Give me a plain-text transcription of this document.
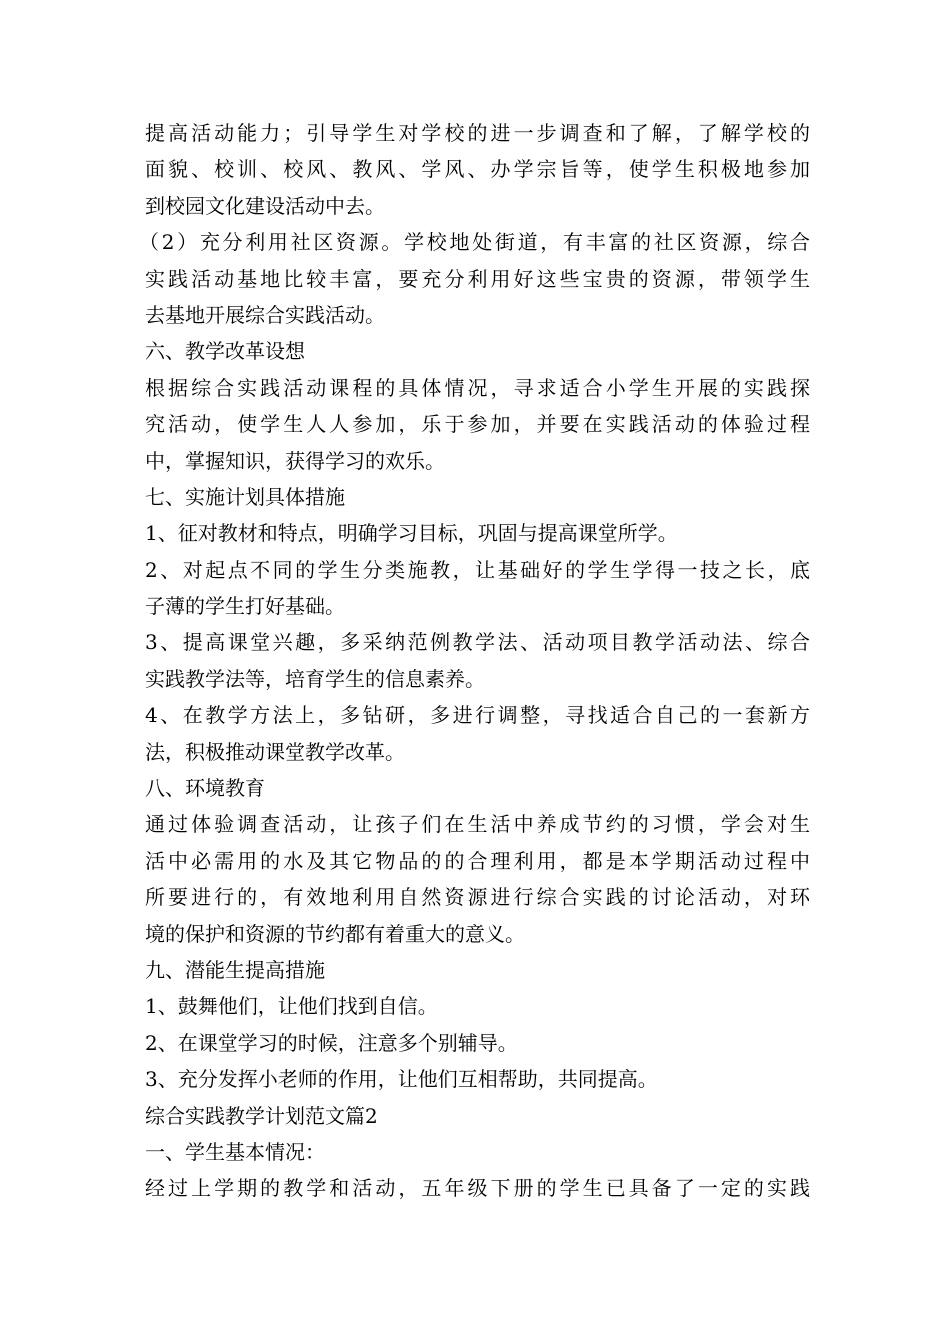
提高活动能力；引导学生对学校的进一步调查和了解，了解学校的
面貌、校训、校风、教风、学风、办学宗旨等，使学生积极地参加
到校园文化建设活动中去。
（2）充分利用社区资源。学校地处街道，有丰富的社区资源，综合
实践活动基地比较丰富，要充分利用好这些宝贵的资源，带领学生
去基地开展综合实践活动。
六、教学改革设想
根据综合实践活动课程的具体情况，寻求适合小学生开展的实践探
究活动，使学生人人参加，乐于参加，并要在实践活动的体验过程
中，掌握知识，获得学习的欢乐。
七、实施计划具体措施
1、征对教材和特点，明确学习目标，巩固与提高课堂所学。
2、对起点不同的学生分类施教，让基础好的学生学得一技之长，底
子薄的学生打好基础。
3、提高课堂兴趣，多采纳范例教学法、活动项目教学活动法、综合
实践教学法等，培育学生的信息素养。
4、在教学方法上，多钻研，多进行调整，寻找适合自己的一套新方
法，积极推动课堂教学改革。
八、环境教育
通过体验调查活动，让孩子们在生活中养成节约的习惯，学会对生
活中必需用的水及其它物品的的合理利用，都是本学期活动过程中
所要进行的，有效地利用自然资源进行综合实践的讨论活动，对环
境的保护和资源的节约都有着重大的意义。
九、潜能生提高措施
1、鼓舞他们，让他们找到自信。
2、在课堂学习的时候，注意多个别辅导。
3、充分发挥小老师的作用，让他们互相帮助，共同提高。
综合实践教学计划范文篇2
一、学生基本情况：
经过上学期的教学和活动，五年级下册的学生已具备了一定的实践
